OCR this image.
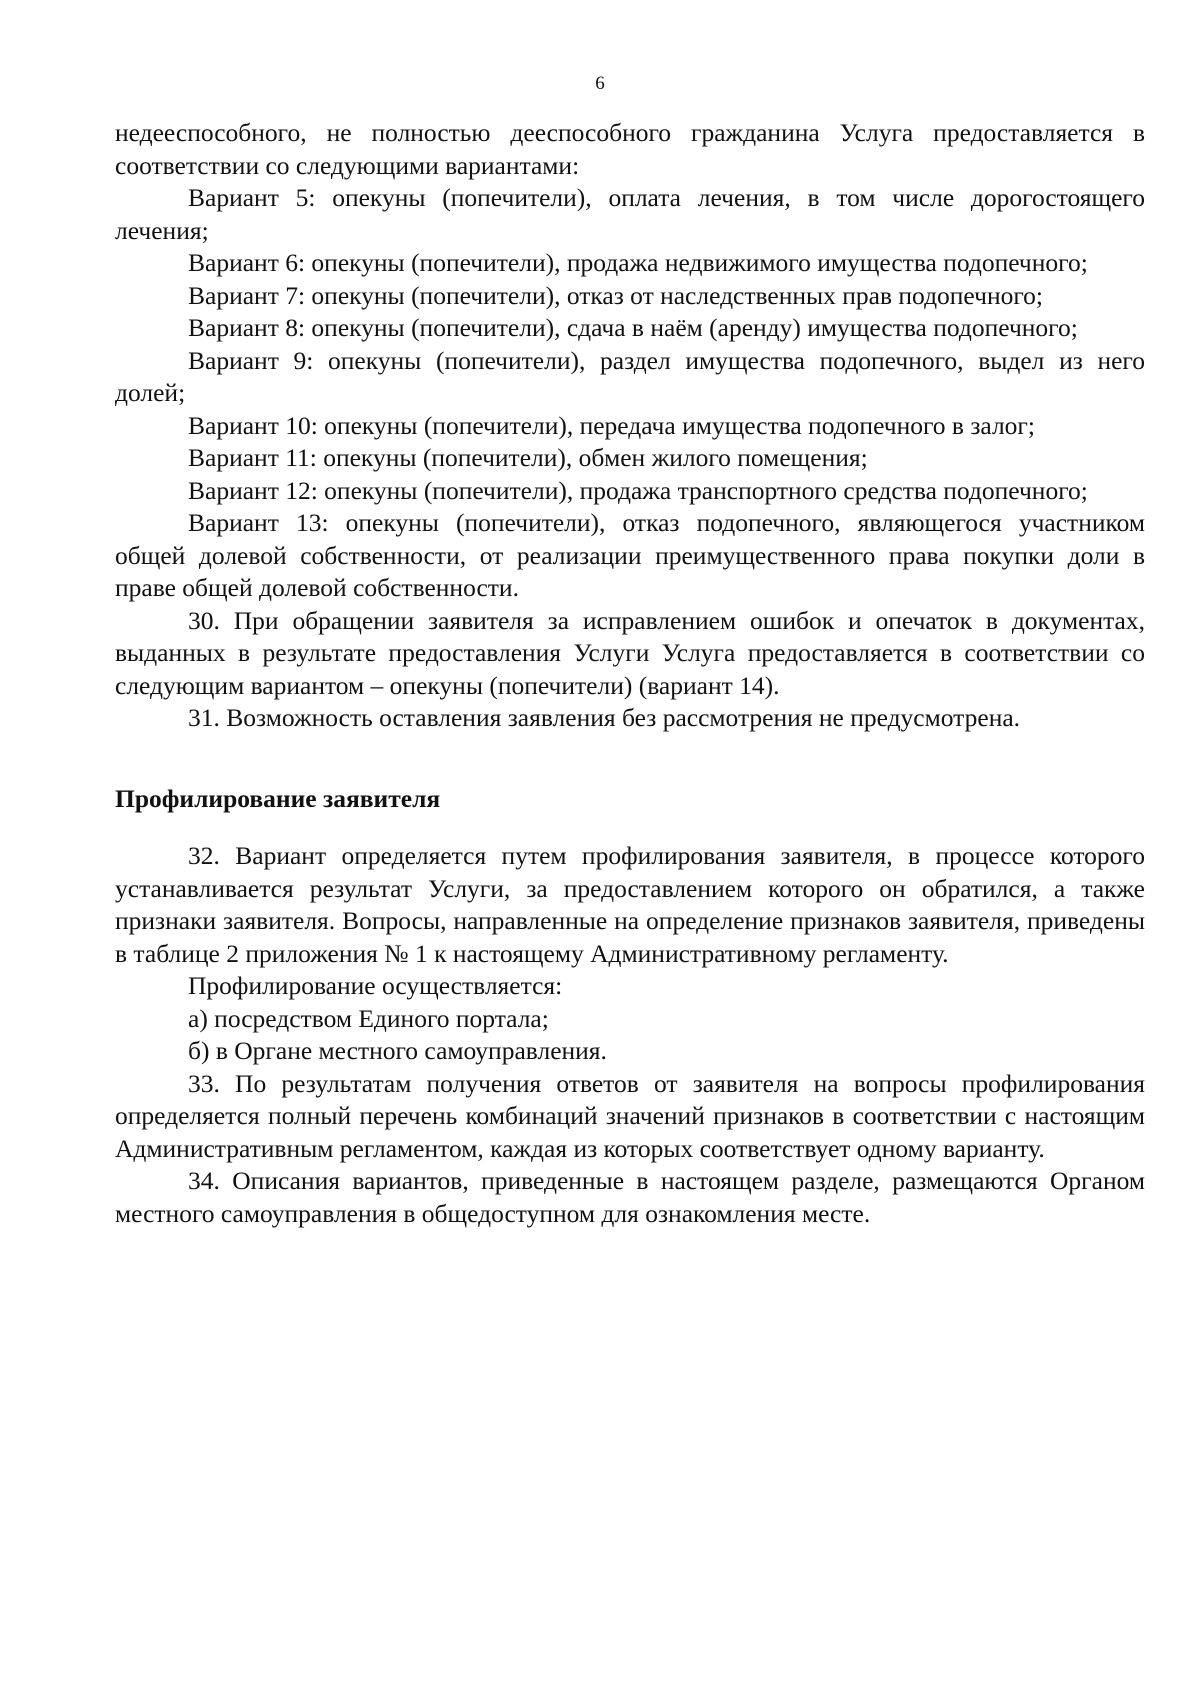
6

недееспособного, не полностью дееспособного гражданина Услуга предоставляется в соответствии со следующими вариантами:

Вариант 5: опекуны (попечители), оплата лечения, в том числе дорогостоящего лечения;

Вариант 6: опекуны (попечители), продажа недвижимого имущества подопечного;

Вариант 7: опекуны (попечители), отказ от наследственных прав подопечного;

Вариант 8: опекуны (попечители), сдача в наём (аренду) имущества подопечного;

Вариант 9: опекуны (попечители), раздел имущества подопечного, выдел из него долей;

Вариант 10: опекуны (попечители), передача имущества подопечного в залог;

Вариант 11: опекуны (попечители), обмен жилого помещения;

Вариант 12: опекуны (попечители), продажа транспортного средства подопечного;

Вариант 13: опекуны (попечители), отказ подопечного, являющегося участником общей долевой собственности, от реализации преимущественного права покупки доли в праве общей долевой собственности.

30. При обращении заявителя за исправлением ошибок и опечаток в документах, выданных в результате предоставления Услуги Услуга предоставляется в соответствии со следующим вариантом – опекуны (попечители) (вариант 14).

31. Возможность оставления заявления без рассмотрения не предусмотрена.

Профилирование заявителя

32. Вариант определяется путем профилирования заявителя, в процессе которого устанавливается результат Услуги, за предоставлением которого он обратился, а также признаки заявителя. Вопросы, направленные на определение признаков заявителя, приведены в таблице 2 приложения № 1 к настоящему Административному регламенту.

Профилирование осуществляется:

а) посредством Единого портала;

б) в Органе местного самоуправления.

33. По результатам получения ответов от заявителя на вопросы профилирования определяется полный перечень комбинаций значений признаков в соответствии с настоящим Административным регламентом, каждая из которых соответствует одному варианту.

34. Описания вариантов, приведенные в настоящем разделе, размещаются Органом местного самоуправления в общедоступном для ознакомления месте.
